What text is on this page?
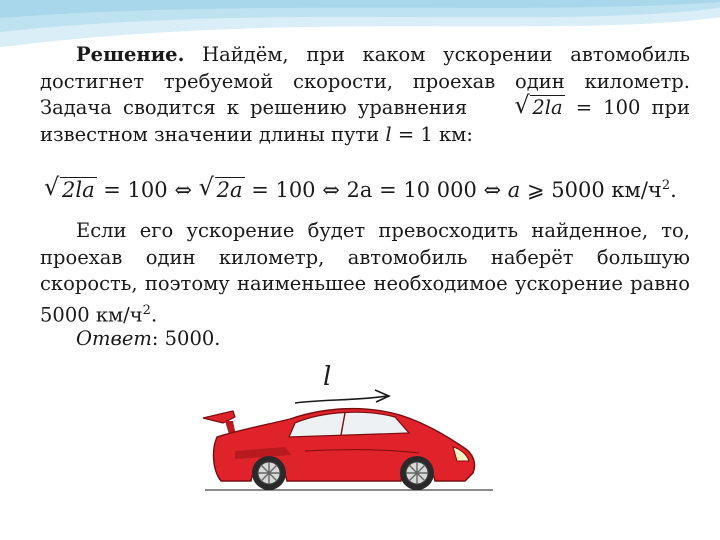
Решение. Найдём, при каком ускорении автомобиль достигнет требуемой скорости, проехав один километр. Задача сводится к решению уравнения	√ 2la = 100 при известном значении длины пути l = 1 км:
√ 2la = 100 ⇔ √ 2a = 100 ⇔ 2a = 10 000 ⇔ a ⩾ 5000 $км/ч^2$.
Если его ускорение будет превосходить найденное, то, проехав один километр, автомобиль наберёт большую скорость, поэтому наименьшее необходимое ускорение равно 5000 $км/ч^2$.
Ответ: 5000.
l
